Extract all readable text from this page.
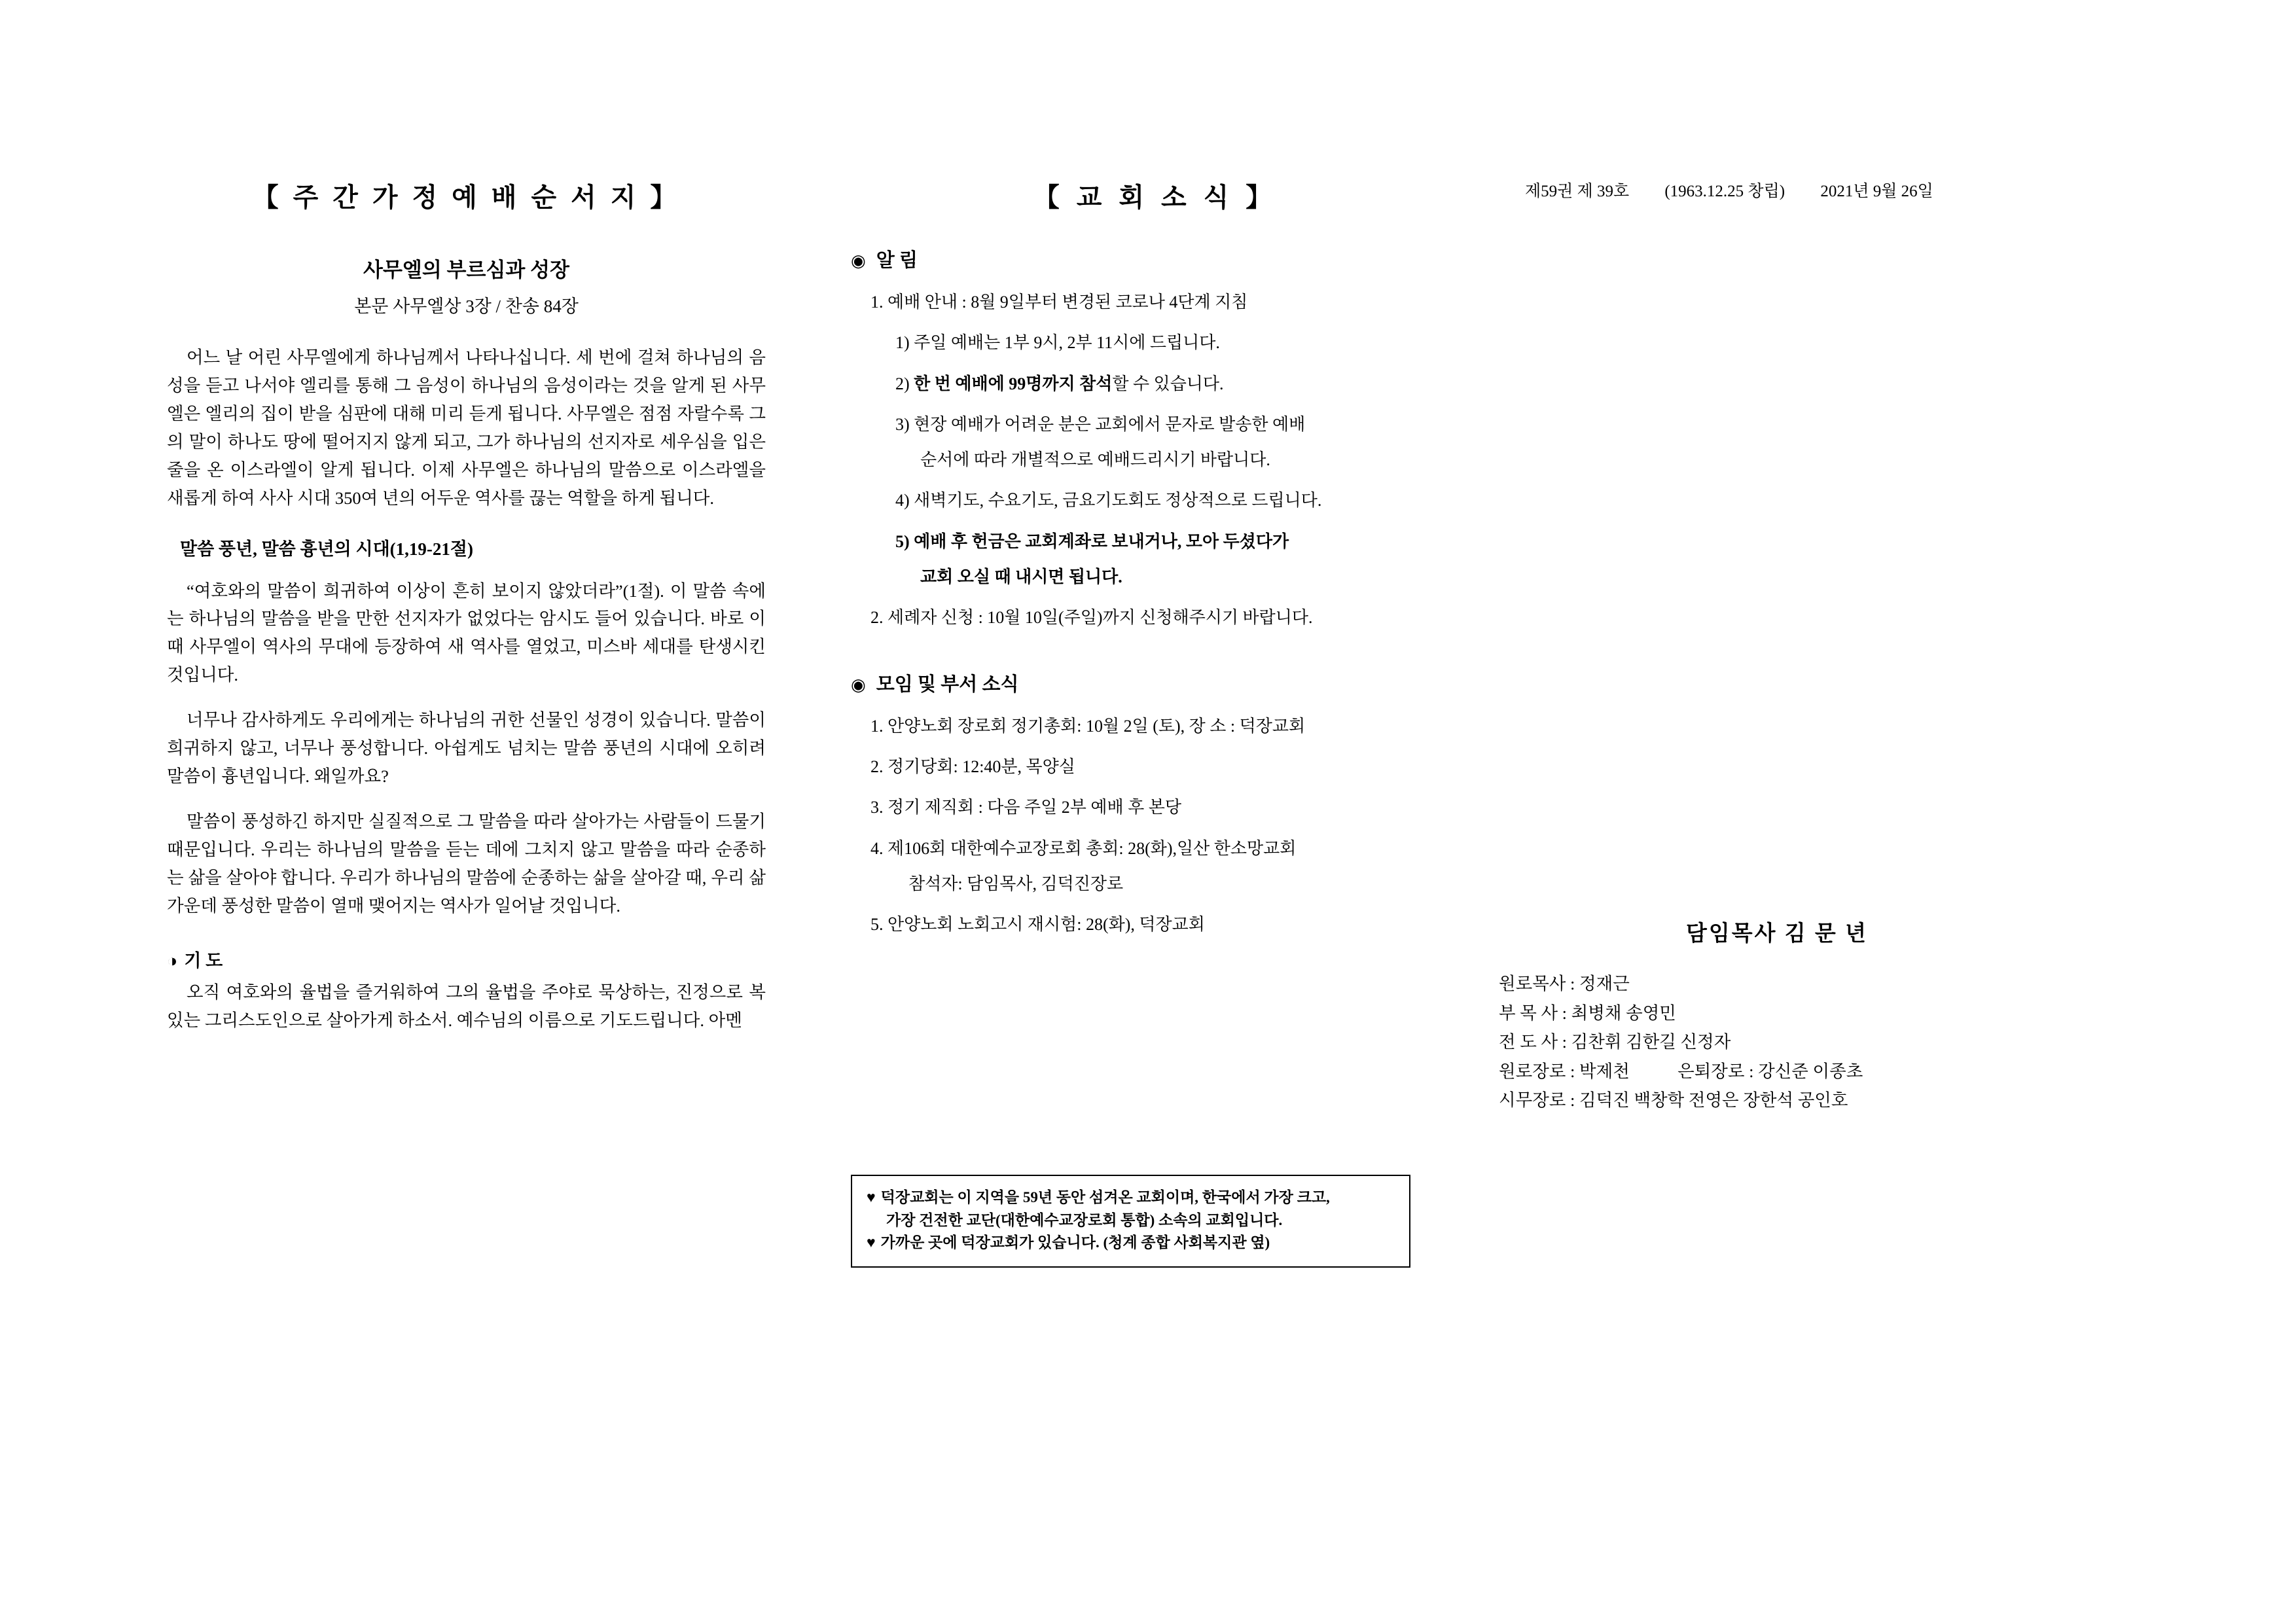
【 주 간 가 정 예 배 순 서 지 】
사무엘의 부르심과 성장
본문 사무엘상 3장 / 찬송 84장

어느 날 어린 사무엘에게 하나님께서 나타나십니다. 세 번에 걸쳐 하나님의 음성을 듣고 나서야 엘리를 통해 그 음성이 하나님의 음성이라는 것을 알게 된 사무엘은 엘리의 집이 받을 심판에 대해 미리 듣게 됩니다. 사무엘은 점점 자랄수록 그의 말이 하나도 땅에 떨어지지 않게 되고, 그가 하나님의 선지자로 세우심을 입은 줄을 온 이스라엘이 알게 됩니다. 이제 사무엘은 하나님의 말씀으로 이스라엘을 새롭게 하여 사사 시대 350여 년의 어두운 역사를 끊는 역할을 하게 됩니다.

말씀 풍년, 말씀 흉년의 시대(1,19-21절)

“여호와의 말씀이 희귀하여 이상이 흔히 보이지 않았더라”(1절). 이 말씀 속에는 하나님의 말씀을 받을 만한 선지자가 없었다는 암시도 들어 있습니다. 바로 이때 사무엘이 역사의 무대에 등장하여 새 역사를 열었고, 미스바 세대를 탄생시킨 것입니다.

너무나 감사하게도 우리에게는 하나님의 귀한 선물인 성경이 있습니다. 말씀이 희귀하지 않고, 너무나 풍성합니다. 아쉽게도 넘치는 말씀 풍년의 시대에 오히려 말씀이 흉년입니다. 왜일까요?

말씀이 풍성하긴 하지만 실질적으로 그 말씀을 따라 살아가는 사람들이 드물기 때문입니다. 우리는 하나님의 말씀을 듣는 데에 그치지 않고 말씀을 따라 순종하는 삶을 살아야 합니다. 우리가 하나님의 말씀에 순종하는 삶을 살아갈 때, 우리 삶 가운데 풍성한 말씀이 열매 맺어지는 역사가 일어날 것입니다.

◑ 기 도

오직 여호와의 율법을 즐거워하여 그의 율법을 주야로 묵상하는, 진정으로 복 있는 그리스도인으로 살아가게 하소서. 예수님의 이름으로 기도드립니다. 아멘

【 교 회 소 식 】
◉ 알 림
1. 예배 안내 : 8월 9일부터 변경된 코로나 4단계 지침
1) 주일 예배는 1부 9시, 2부 11시에 드립니다.
2) 한 번 예배에 99명까지 참석할 수 있습니다.
3) 현장 예배가 어려운 분은 교회에서 문자로 발송한 예배
순서에 따라 개별적으로 예배드리시기 바랍니다.
4) 새벽기도, 수요기도, 금요기도회도 정상적으로 드립니다.
5) 예배 후 헌금은 교회계좌로 보내거나, 모아 두셨다가
교회 오실 때 내시면 됩니다.
2. 세례자 신청 : 10월 10일(주일)까지 신청해주시기 바랍니다.
◉ 모임 및 부서 소식
1. 안양노회 장로회 정기총회: 10월 2일 (토), 장 소 : 덕장교회
2. 정기당회: 12:40분, 목양실
3. 정기 제직회 : 다음 주일 2부 예배 후 본당
4. 제106회 대한예수교장로회 총회: 28(화),일산 한소망교회
참석자: 담임목사, 김덕진장로
5. 안양노회 노회고시 재시험: 28(화), 덕장교회
제59권 제 39호 (1963.12.25 창립) 2021년 9월 26일
담임목사 김 문 년
원로목사 : 정재근
부 목 사 : 최병채 송영민
전 도 사 : 김찬휘 김한길 신정자
원로장로 : 박제천	은퇴장로 : 강신준 이종초
시무장로 : 김덕진 백창학 전영은 장한석 공인호
♥ 덕장교회는 이 지역을 59년 동안 섬겨온 교회이며, 한국에서 가장 크고,
가장 건전한 교단(대한예수교장로회 통합) 소속의 교회입니다.
♥ 가까운 곳에 덕장교회가 있습니다. (청계 종합 사회복지관 옆)
